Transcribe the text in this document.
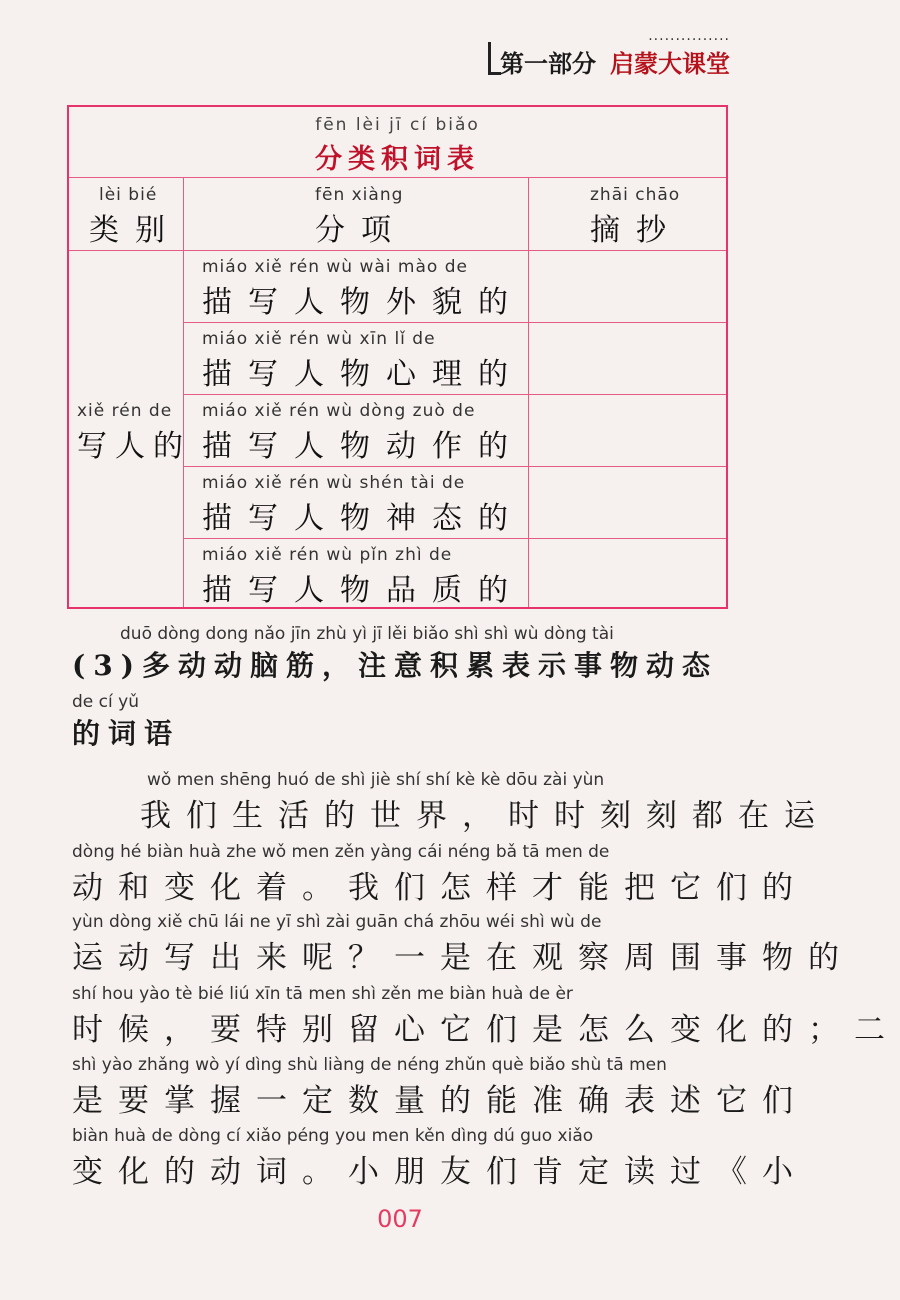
...............
第一部分 启蒙大课堂
fēn lèi jī cí biǎo
分类积词表
lèi bié
类别
fēn xiàng
分项
zhāi chāo
摘抄
xiě rén de
写人的
miáo xiě rén wù wài mào de
描写人物外貌的
miáo xiě rén wù xīn lǐ de
描写人物心理的
miáo xiě rén wù dòng zuò de
描写人物动作的
miáo xiě rén wù shén tài de
描写人物神态的
miáo xiě rén wù pǐn zhì de
描写人物品质的
duō dòng dong nǎo jīn zhù yì jī lěi biǎo shì shì wù dòng tài
(3)多动动脑筋，注意积累表示事物动态
de cí yǔ
的词语
wǒ men shēng huó de shì jiè shí shí kè kè dōu zài yùn
我们生活的世界，时时刻刻都在运
dòng hé biàn huà zhe wǒ men zěn yàng cái néng bǎ tā men de
动和变化着。我们怎样才能把它们的
yùn dòng xiě chū lái ne yī shì zài guān chá zhōu wéi shì wù de
运动写出来呢？一是在观察周围事物的
shí hou yào tè bié liú xīn tā men shì zěn me biàn huà de èr
时候，要特别留心它们是怎么变化的；二
shì yào zhǎng wò yí dìng shù liàng de néng zhǔn què biǎo shù tā men
是要掌握一定数量的能准确表述它们
biàn huà de dòng cí xiǎo péng you men kěn dìng dú guo xiǎo
变化的动词。小朋友们肯定读过《小
007
